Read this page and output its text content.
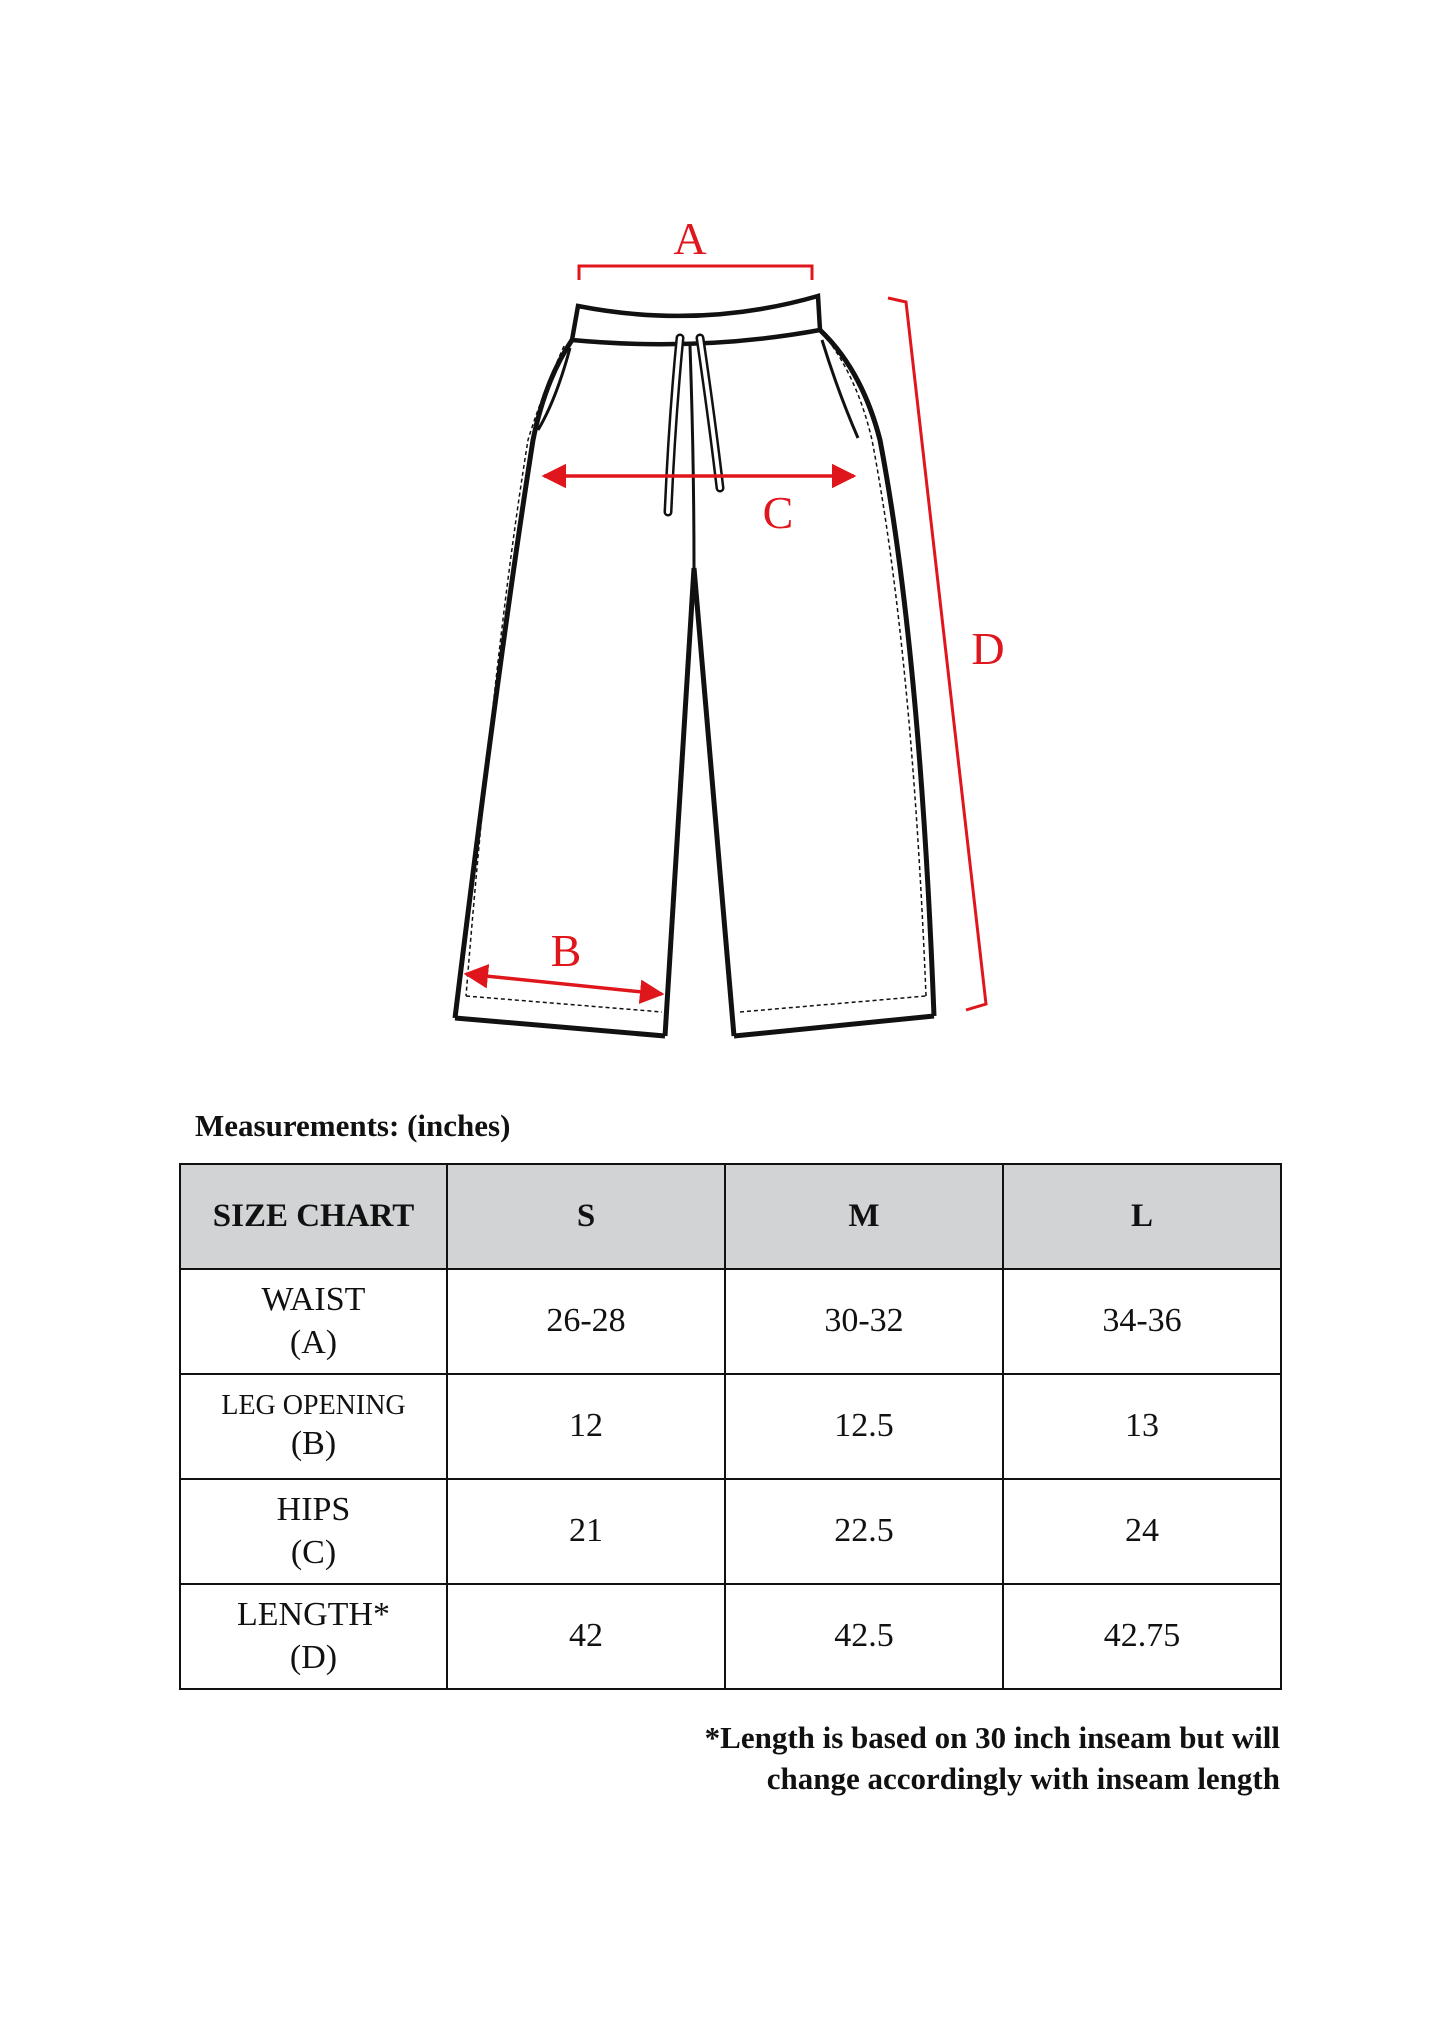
A
C
B
D
Measurements: (inches)
SIZE CHART	S	M	L

WAIST
(A)	26-28	30-32	34-36

LEG OPENING
(B)	12	12.5	13

HIPS
(C)	21	22.5	24

LENGTH*
(D)	42	42.5	42.75
*Length is based on 30 inch inseam but will
change accordingly with inseam length
